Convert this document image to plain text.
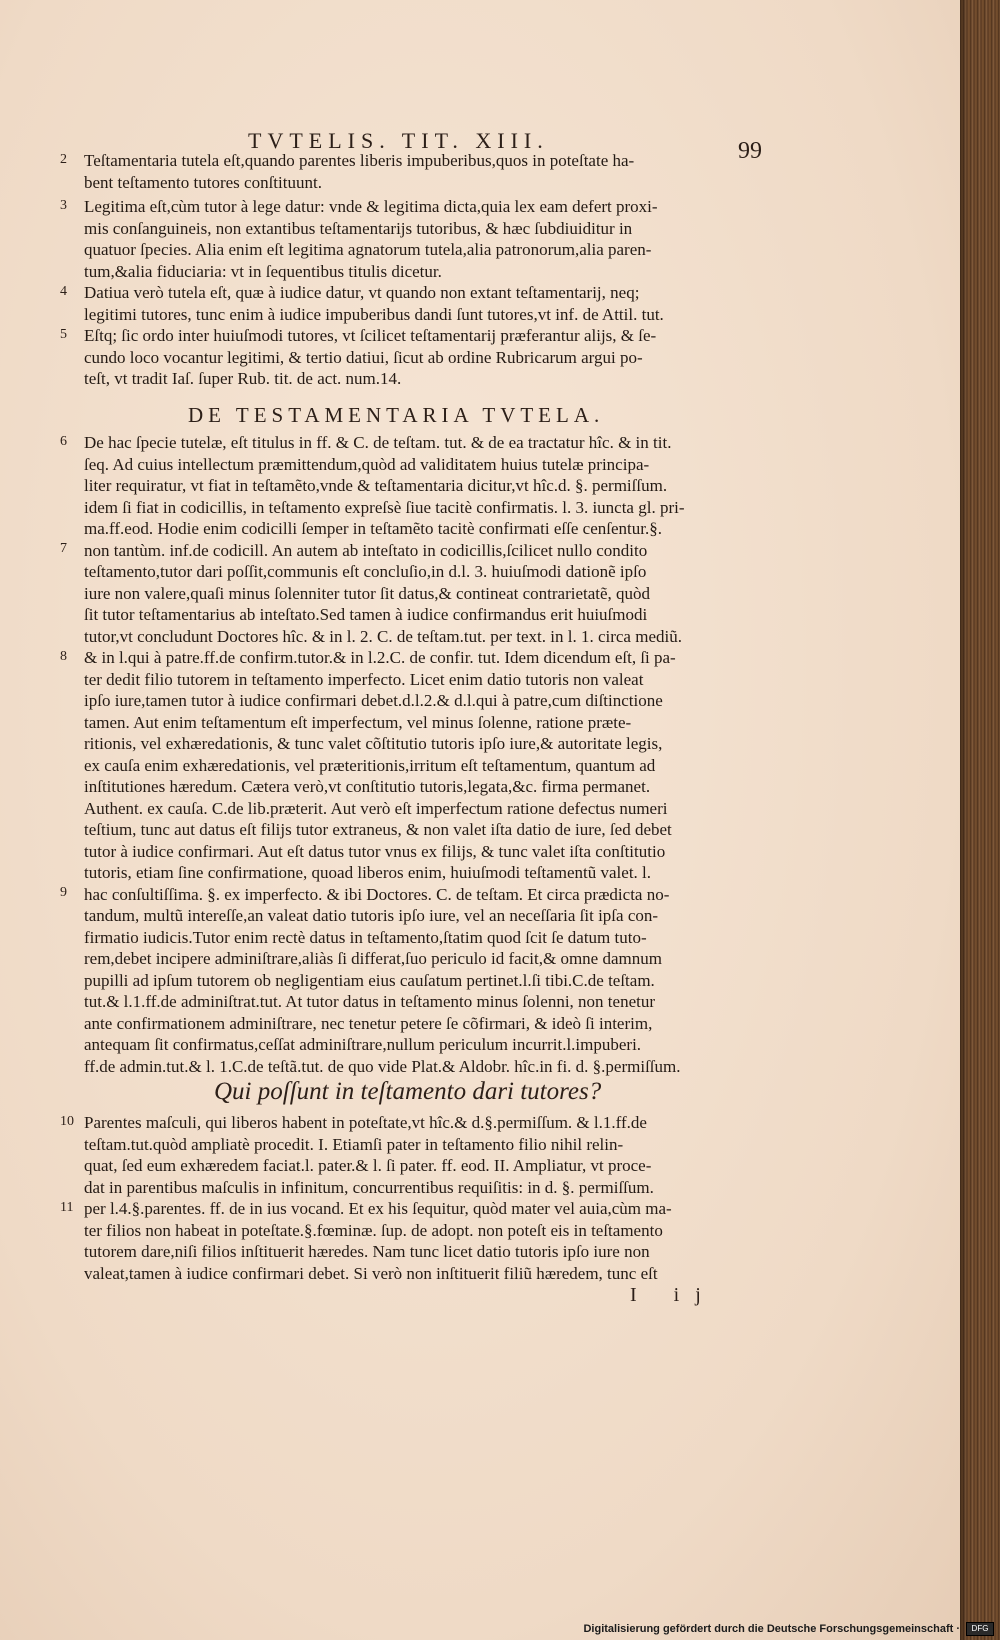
TVTELIS. TIT. XIII.	99
2 Teſtamentaria tutela eſt,quando parentes liberis impuberibus,quos in poteſtate ha-
bent teſtamento tutores conſtituunt.
3 Legitima eſt,cùm tutor à lege datur: vnde & legitima dicta,quia lex eam defert proxi-
mis conſanguineis, non extantibus teſtamentarijs tutoribus, & hæc ſubdiuiditur in
quatuor ſpecies. Alia enim eſt legitima agnatorum tutela,alia patronorum,alia paren-
tum,&alia fiduciaria: vt in ſequentibus titulis dicetur.
4 Datiua verò tutela eſt, quæ à iudice datur, vt quando non extant teſtamentarij, neq;
legitimi tutores, tunc enim à iudice impuberibus dandi ſunt tutores,vt inf. de Attil. tut.
5 Eſtq; ſic ordo inter huiuſmodi tutores, vt ſcilicet teſtamentarij præferantur alijs, & ſe-
cundo loco vocantur legitimi, & tertio datiui, ſicut ab ordine Rubricarum argui po-
teſt, vt tradit Iaſ. ſuper Rub. tit. de act. num.14.
DE TESTAMENTARIA TVTELA.
De hac ſpecie tutelæ, eſt titulus in ff. & C. de teſtam. tut. & de ea tractatur hîc. & in tit.
ſeq. Ad cuius intellectum præmittendum,quòd ad validitatem huius tutelæ principa-
liter requiratur, vt fiat in teſtamẽto,vnde & teſtamentaria dicitur,vt hîc.d. §. permiſſum.
idem ſi fiat in codicillis, in teſtamento expreſsè ſiue tacitè confirmatis. l. 3. iuncta gl. pri-
ma.ff.eod. Hodie enim codicilli ſemper in teſtamẽto tacitè confirmati eſſe cenſentur.§.
non tantùm. inf.de codicill. An autem ab inteſtato in codicillis,ſcilicet nullo condito
teſtamento,tutor dari poſſit,communis eſt concluſio,in d.l. 3. huiuſmodi dationẽ ipſo
iure non valere,quaſi minus ſolenniter tutor ſit datus,& contineat contrarietatẽ, quòd
ſit tutor teſtamentarius ab inteſtato.Sed tamen à iudice confirmandus erit huiuſmodi
tutor,vt concludunt Doctores hîc. & in l. 2. C. de teſtam.tut. per text. in l. 1. circa mediũ.
& in l.qui à patre.ff.de confirm.tutor.& in l.2.C. de confir. tut. Idem dicendum eſt, ſi pa-
ter dedit filio tutorem in teſtamento imperfecto. Licet enim datio tutoris non valeat
ipſo iure,tamen tutor à iudice confirmari debet.d.l.2.& d.l.qui à patre,cum diſtinctione
tamen. Aut enim teſtamentum eſt imperfectum, vel minus ſolenne, ratione præte-
ritionis, vel exhæredationis, & tunc valet cõſtitutio tutoris ipſo iure,& autoritate legis,
ex cauſa enim exhæredationis, vel præteritionis,irritum eſt teſtamentum, quantum ad
inſtitutiones hæredum. Cætera verò,vt conſtitutio tutoris,legata,&c. firma permanet.
Authent. ex cauſa. C.de lib.præterit. Aut verò eſt imperfectum ratione defectus numeri
teſtium, tunc aut datus eſt filijs tutor extraneus, & non valet iſta datio de iure, ſed debet
tutor à iudice confirmari. Aut eſt datus tutor vnus ex filijs, & tunc valet iſta conſtitutio
tutoris, etiam ſine confirmatione, quoad liberos enim, huiuſmodi teſtamentũ valet. l.
hac conſultiſſima. §. ex imperfecto. & ibi Doctores. C. de teſtam. Et circa prædicta no-
tandum, multũ intereſſe,an valeat datio tutoris ipſo iure, vel an neceſſaria ſit ipſa con-
firmatio iudicis.Tutor enim rectè datus in teſtamento,ſtatim quod ſcit ſe datum tuto-
rem,debet incipere adminiſtrare,aliàs ſi differat,ſuo periculo id facit,& omne damnum
pupilli ad ipſum tutorem ob negligentiam eius cauſatum pertinet.l.ſi tibi.C.de teſtam.
tut.& l.1.ff.de adminiſtrat.tut. At tutor datus in teſtamento minus ſolenni, non tenetur
ante confirmationem adminiſtrare, nec tenetur petere ſe cõfirmari, & ideò ſi interim,
antequam ſit confirmatus,ceſſat adminiſtrare,nullum periculum incurrit.l.impuberi.
ff.de admin.tut.& l. 1.C.de teſtã.tut. de quo vide Plat.& Aldobr. hîc.in fi. d. §.permiſſum.
6
7
8
9
Qui poſſunt in teſtamento dari tutores?
Parentes maſculi, qui liberos habent in poteſtate,vt hîc.& d.§.permiſſum. & l.1.ff.de
teſtam.tut.quòd ampliatè procedit. I. Etiamſi pater in teſtamento filio nihil relin-
quat, ſed eum exhæredem faciat.l. pater.& l. ſi pater. ff. eod. II. Ampliatur, vt proce-
dat in parentibus maſculis in infinitum, concurrentibus requiſitis: in d. §. permiſſum.
per l.4.§.parentes. ff. de in ius vocand. Et ex his ſequitur, quòd mater vel auia,cùm ma-
ter filios non habeat in poteſtate.§.fœminæ. ſup. de adopt. non poteſt eis in teſtamento
tutorem dare,niſi filios inſtituerit hæredes. Nam tunc licet datio tutoris ipſo iure non
valeat,tamen à iudice confirmari debet. Si verò non inſtituerit filiũ hæredem, tunc eſt
10
11
I ij
Digitalisierung gefördert durch die Deutsche Forschungsgemeinschaft ·	DFG
